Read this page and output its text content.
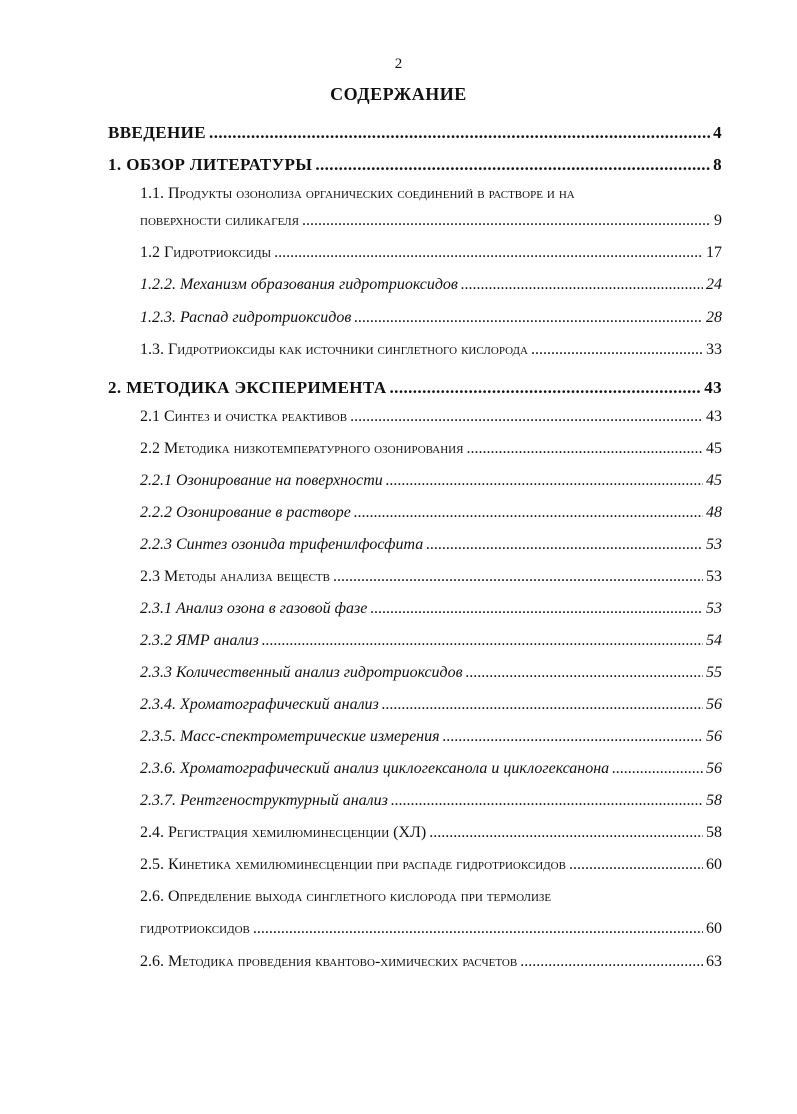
2
СОДЕРЖАНИЕ
ВВЕДЕНИЕ .....	4
1. ОБЗОР ЛИТЕРАТУРЫ .....	8
1.1. Продукты озонолиза органических соединений в растворе и на
поверхности силикагеля .....	9
1.2 Гидротриоксиды .....	17
1.2.2. Механизм образования гидротриоксидов .....	24
1.2.3. Распад гидротриоксидов .....	28
1.3. Гидротриоксиды как источники синглетного кислорода .....	33
2. МЕТОДИКА ЭКСПЕРИМЕНТА .....	43
2.1 Синтез и очистка реактивов .....	43
2.2 Методика низкотемпературного озонирования .....	45
2.2.1 Озонирование на поверхности .....	45
2.2.2 Озонирование в растворе .....	48
2.2.3 Синтез озонида трифенилфосфита .....	53
2.3 Методы анализа веществ .....	53
2.3.1 Анализ озона в газовой фазе .....	53
2.3.2 ЯМР анализ .....	54
2.3.3 Количественный анализ гидротриоксидов .....	55
2.3.4. Хроматографический анализ .....	56
2.3.5. Масс-спектрометрические измерения .....	56
2.3.6. Хроматографический анализ циклогексанола и циклогексанона .....	56
2.3.7. Рентгеноструктурный анализ .....	58
2.4. Регистрация хемилюминесценции (ХЛ) .....	58
2.5. Кинетика хемилюминесценции при распаде гидротриоксидов .....	60
2.6. Определение выхода синглетного кислорода при термолизе
гидротриоксидов .....	60
2.6. Методика проведения квантово-химических расчетов .....	63
